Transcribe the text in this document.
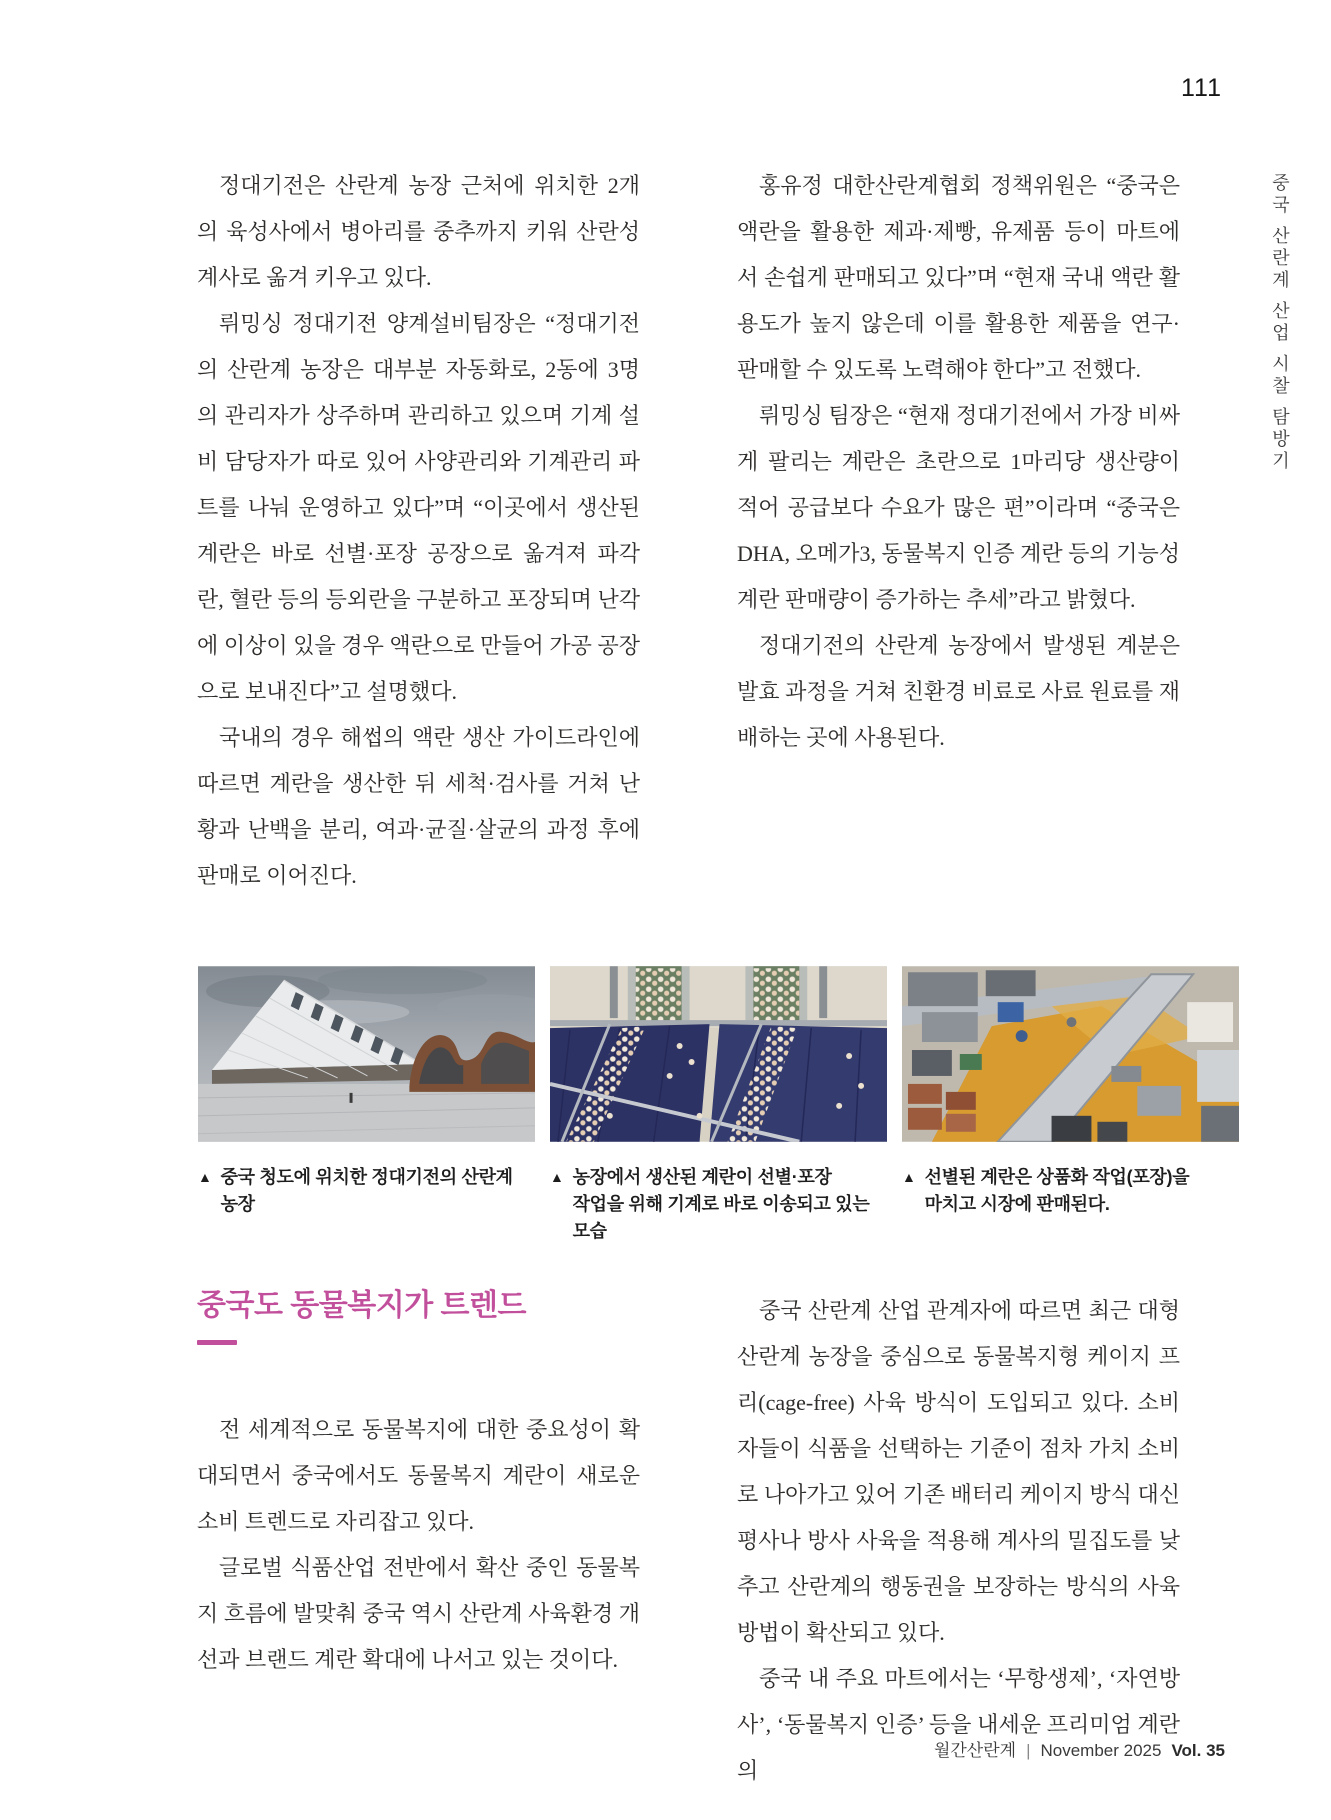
111
중국 산란계 산업 시찰 탐방기

정대기전은 산란계 농장 근처에 위치한 2개의 육성사에서 병아리를 중추까지 키워 산란성계사로 옮겨 키우고 있다.

뤼밍싱 정대기전 양계설비팀장은 “정대기전의 산란계 농장은 대부분 자동화로, 2동에 3명의 관리자가 상주하며 관리하고 있으며 기계 설비 담당자가 따로 있어 사양관리와 기계관리 파트를 나눠 운영하고 있다”며 “이곳에서 생산된 계란은 바로 선별·포장 공장으로 옮겨져 파각란, 혈란 등의 등외란을 구분하고 포장되며 난각에 이상이 있을 경우 액란으로 만들어 가공 공장으로 보내진다”고 설명했다.

국내의 경우 해썹의 액란 생산 가이드라인에 따르면 계란을 생산한 뒤 세척·검사를 거쳐 난황과 난백을 분리, 여과·균질·살균의 과정 후에 판매로 이어진다.

홍유정 대한산란계협회 정책위원은 “중국은 액란을 활용한 제과·제빵, 유제품 등이 마트에서 손쉽게 판매되고 있다”며 “현재 국내 액란 활용도가 높지 않은데 이를 활용한 제품을 연구·판매할 수 있도록 노력해야 한다”고 전했다.

뤼밍싱 팀장은 “현재 정대기전에서 가장 비싸게 팔리는 계란은 초란으로 1마리당 생산량이 적어 공급보다 수요가 많은 편”이라며 “중국은 DHA, 오메가3, 동물복지 인증 계란 등의 기능성 계란 판매량이 증가하는 추세”라고 밝혔다.

정대기전의 산란계 농장에서 발생된 계분은 발효 과정을 거쳐 친환경 비료로 사료 원료를 재배하는 곳에 사용된다.

▲ 중국 청도에 위치한 정대기전의 산란계 농장
▲ 농장에서 생산된 계란이 선별·포장 작업을 위해 기계로 바로 이송되고 있는 모습
▲ 선별된 계란은 상품화 작업(포장)을 마치고 시장에 판매된다.
중국도 동물복지가 트렌드

전 세계적으로 동물복지에 대한 중요성이 확대되면서 중국에서도 동물복지 계란이 새로운 소비 트렌드로 자리잡고 있다.

글로벌 식품산업 전반에서 확산 중인 동물복지 흐름에 발맞춰 중국 역시 산란계 사육환경 개선과 브랜드 계란 확대에 나서고 있는 것이다.

중국 산란계 산업 관계자에 따르면 최근 대형 산란계 농장을 중심으로 동물복지형 케이지 프리(cage-free) 사육 방식이 도입되고 있다. 소비자들이 식품을 선택하는 기준이 점차 가치 소비로 나아가고 있어 기존 배터리 케이지 방식 대신 평사나 방사 사육을 적용해 계사의 밀집도를 낮추고 산란계의 행동권을 보장하는 방식의 사육 방법이 확산되고 있다.

중국 내 주요 마트에서는 ‘무항생제’, ‘자연방사’, ‘동물복지 인증’ 등을 내세운 프리미엄 계란의

월간산란계 | November 2025 Vol. 35
